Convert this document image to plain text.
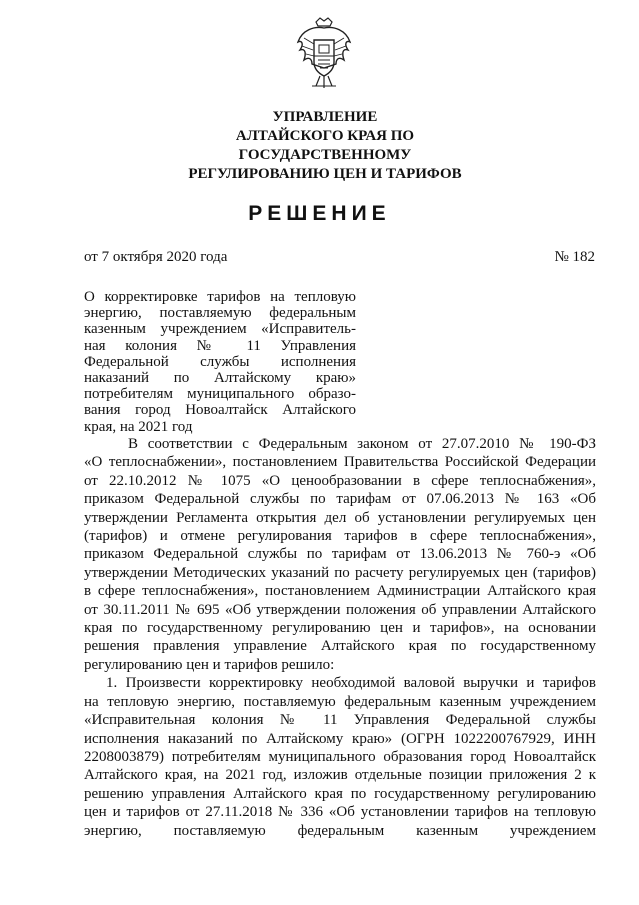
УПРАВЛЕНИЕ
АЛТАЙСКОГО КРАЯ ПО ГОСУДАРСТВЕННОМУ
РЕГУЛИРОВАНИЮ ЦЕН И ТАРИФОВ
РЕШЕНИЕ
от 7 октября 2020 года	№ 182
О корректировке тарифов на тепловую
энергию, поставляемую федеральным
казенным учреждением «Исправитель-
ная колония № 11 Управления
Федеральной службы исполнения
наказаний по Алтайскому краю»
потребителям муниципального образо-
вания город Новоалтайск Алтайского
края, на 2021 год
В соответствии с Федеральным законом от 27.07.2010 № 190-ФЗ
«О теплоснабжении», постановлением Правительства Российской Федерации
от 22.10.2012 № 1075 «О ценообразовании в сфере теплоснабжения»,
приказом Федеральной службы по тарифам от 07.06.2013 № 163 «Об
утверждении Регламента открытия дел об установлении регулируемых цен
(тарифов) и отмене регулирования тарифов в сфере теплоснабжения»,
приказом Федеральной службы по тарифам от 13.06.2013 № 760-э «Об
утверждении Методических указаний по расчету регулируемых цен (тарифов)
в сфере теплоснабжения», постановлением Администрации Алтайского края
от 30.11.2011 № 695 «Об утверждении положения об управлении Алтайского
края по государственному регулированию цен и тарифов», на основании
решения правления управление Алтайского края по государственному
регулированию цен и тарифов решило:
1. Произвести корректировку необходимой валовой выручки и тарифов
на тепловую энергию, поставляемую федеральным казенным учреждением
«Исправительная колония № 11 Управления Федеральной службы
исполнения наказаний по Алтайскому краю» (ОГРН 1022200767929, ИНН
2208003879) потребителям муниципального образования город Новоалтайск
Алтайского края, на 2021 год, изложив отдельные позиции приложения 2 к
решению управления Алтайского края по государственному регулированию
цен и тарифов от 27.11.2018 № 336 «Об установлении тарифов на тепловую
энергию, поставляемую федеральным казенным учреждением
